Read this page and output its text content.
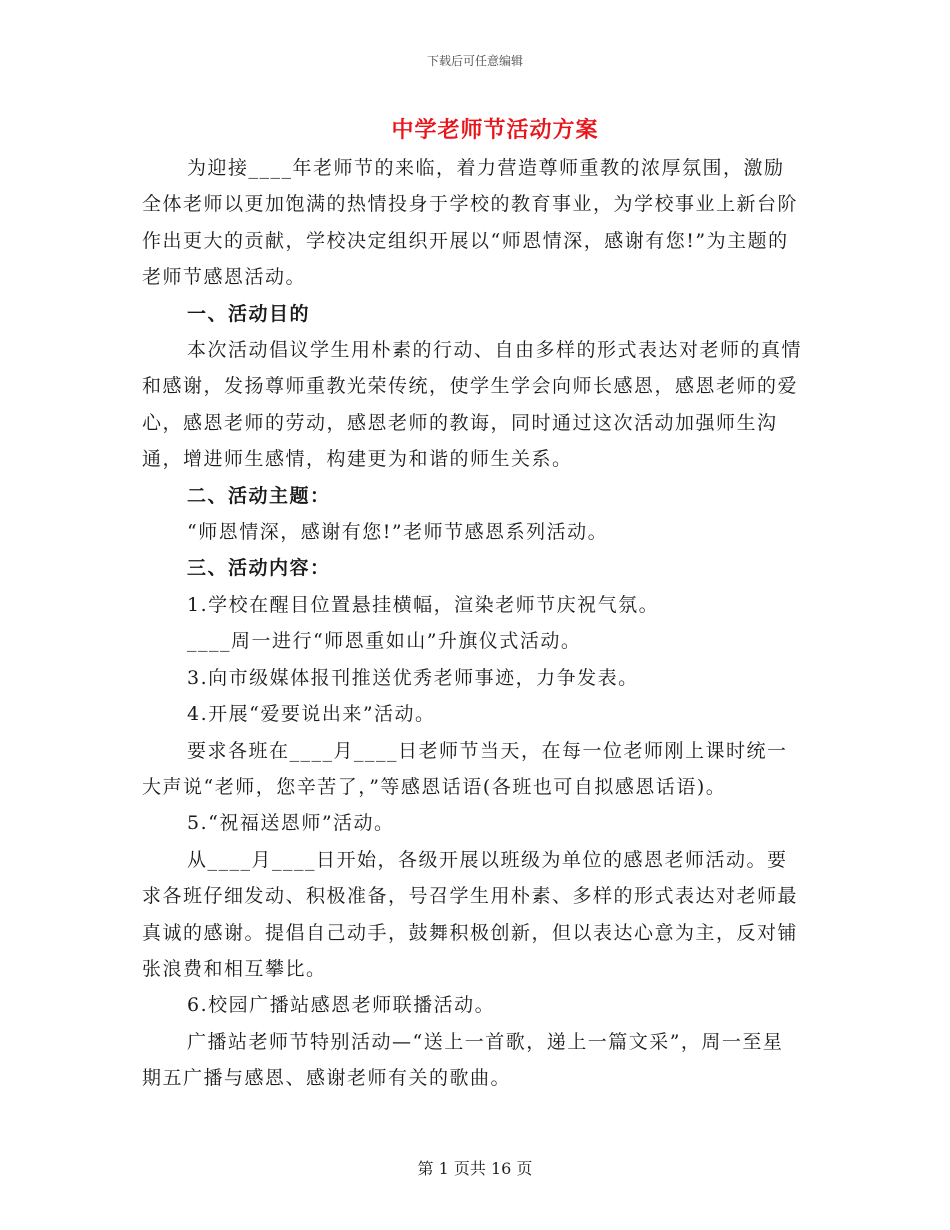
下载后可任意编辑
中学老师节活动方案

为迎接____年老师节的来临，着力营造尊师重教的浓厚氛围，激励全体老师以更加饱满的热情投身于学校的教育事业，为学校事业上新台阶作出更大的贡献，学校决定组织开展以“师恩情深，感谢有您!”为主题的老师节感恩活动。

一、活动目的

本次活动倡议学生用朴素的行动、自由多样的形式表达对老师的真情和感谢，发扬尊师重教光荣传统，使学生学会向师长感恩，感恩老师的爱心，感恩老师的劳动，感恩老师的教诲，同时通过这次活动加强师生沟通，增进师生感情，构建更为和谐的师生关系。

二、活动主题：

“师恩情深，感谢有您!”老师节感恩系列活动。

三、活动内容：

1.学校在醒目位置悬挂横幅，渲染老师节庆祝气氛。

____周一进行“师恩重如山”升旗仪式活动。

3.向市级媒体报刊推送优秀老师事迹，力争发表。

4.开展“爱要说出来”活动。

要求各班在____月____日老师节当天，在每一位老师刚上课时统一大声说“老师，您辛苦了，”等感恩话语(各班也可自拟感恩话语)。

5.“祝福送恩师”活动。

从____月____日开始，各级开展以班级为单位的感恩老师活动。要求各班仔细发动、积极准备，号召学生用朴素、多样的形式表达对老师最真诚的感谢。提倡自己动手，鼓舞积极创新，但以表达心意为主，反对铺张浪费和相互攀比。

6.校园广播站感恩老师联播活动。

广播站老师节特别活动—“送上一首歌，递上一篇文采”，周一至星期五广播与感恩、感谢老师有关的歌曲。

第 1 页共 16 页
